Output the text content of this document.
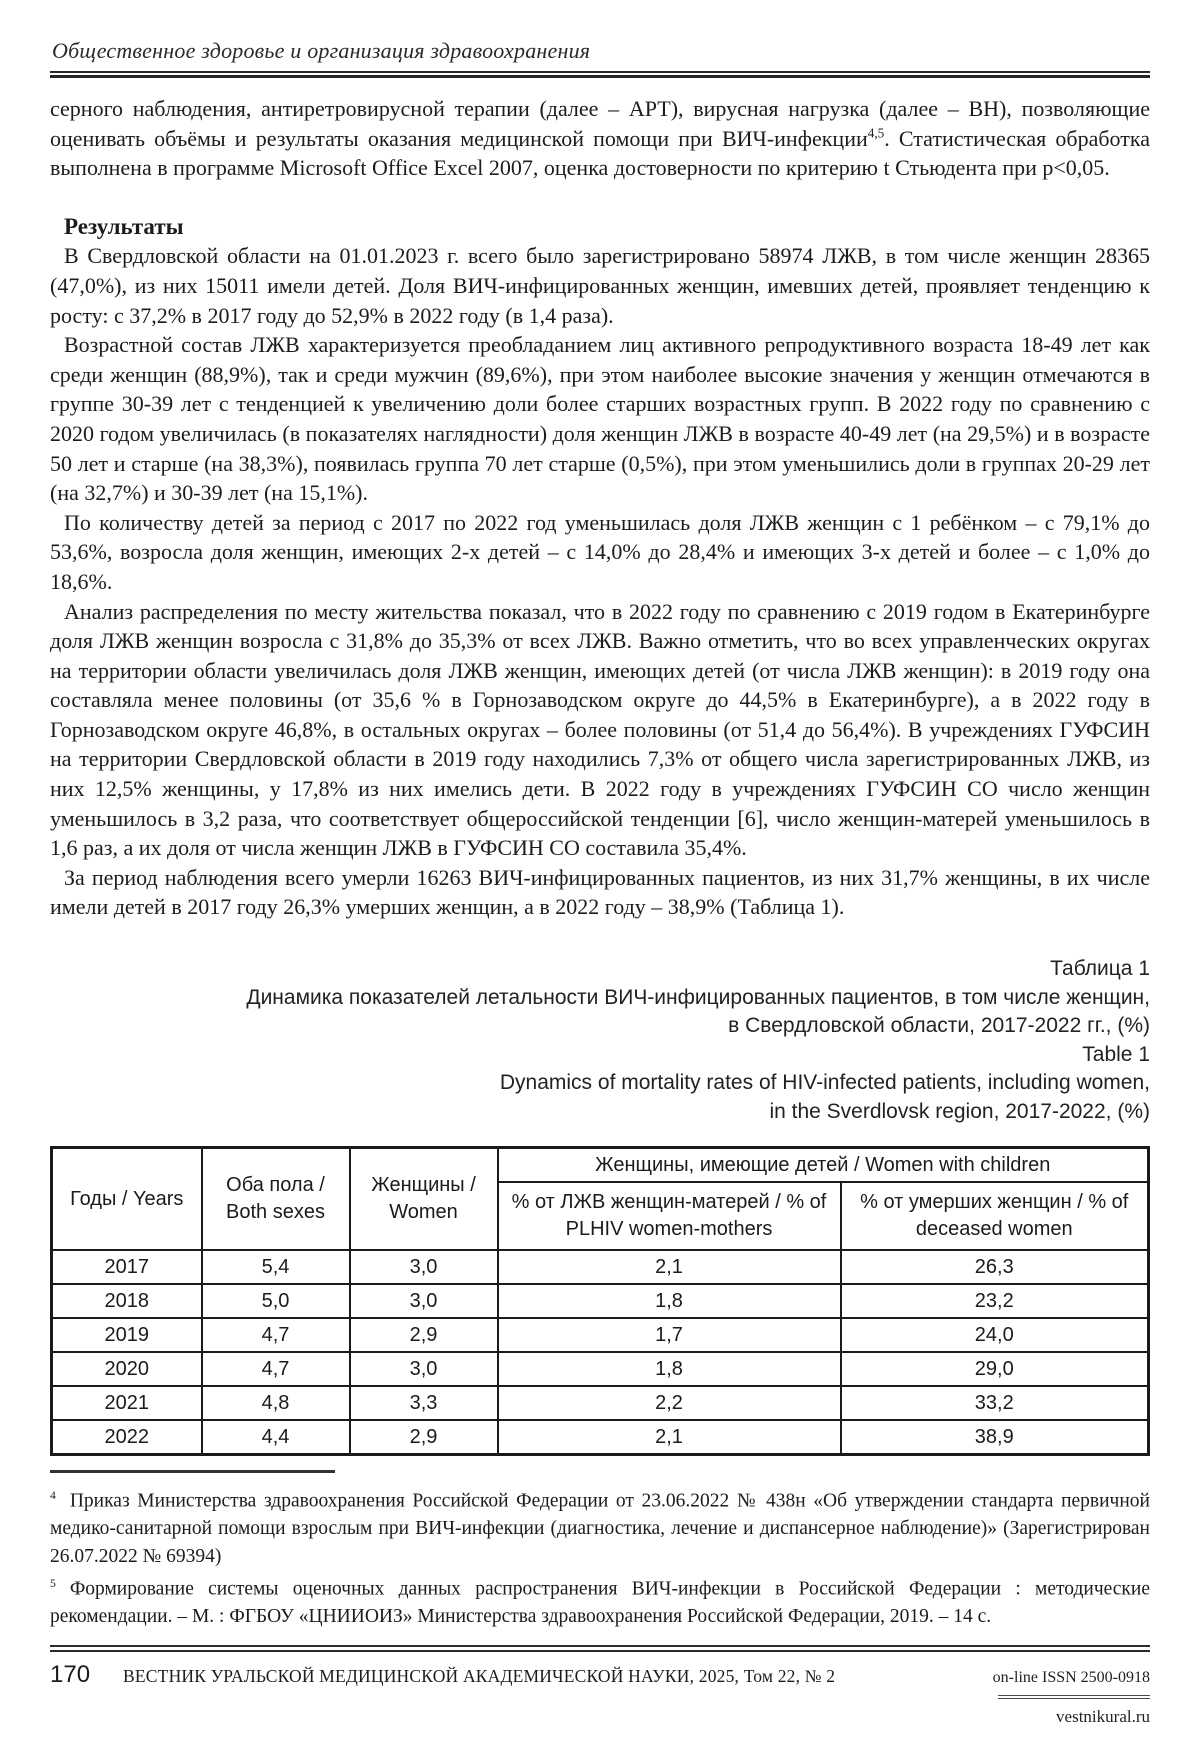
Общественное здоровье и организация здравоохранения

серного наблюдения, антиретровирусной терапии (далее – АРТ), вирусная нагрузка (далее – ВН), позволяющие оценивать объёмы и результаты оказания медицинской помощи при ВИЧ-инфекции$^{4,5}$. Статистическая обработка выполнена в программе Microsoft Office Excel 2007, оценка достоверности по критерию t Стьюдента при p<0,05.

Результаты

В Свердловской области на 01.01.2023 г. всего было зарегистрировано 58974 ЛЖВ, в том числе женщин 28365 (47,0%), из них 15011 имели детей. Доля ВИЧ-инфицированных женщин, имевших детей, проявляет тенденцию к росту: с 37,2% в 2017 году до 52,9% в 2022 году (в 1,4 раза).

Возрастной состав ЛЖВ характеризуется преобладанием лиц активного репродуктивного возраста 18-49 лет как среди женщин (88,9%), так и среди мужчин (89,6%), при этом наиболее высокие значения у женщин отмечаются в группе 30-39 лет с тенденцией к увеличению доли более старших возрастных групп. В 2022 году по сравнению с 2020 годом увеличилась (в показателях наглядности) доля женщин ЛЖВ в возрасте 40-49 лет (на 29,5%) и в возрасте 50 лет и старше (на 38,3%), появилась группа 70 лет старше (0,5%), при этом уменьшились доли в группах 20-29 лет (на 32,7%) и 30-39 лет (на 15,1%).

По количеству детей за период с 2017 по 2022 год уменьшилась доля ЛЖВ женщин с 1 ребёнком – с 79,1% до 53,6%, возросла доля женщин, имеющих 2-х детей – с 14,0% до 28,4% и имеющих 3-х детей и более – с 1,0% до 18,6%.

Анализ распределения по месту жительства показал, что в 2022 году по сравнению с 2019 годом в Екатеринбурге доля ЛЖВ женщин возросла с 31,8% до 35,3% от всех ЛЖВ. Важно отметить, что во всех управленческих округах на территории области увеличилась доля ЛЖВ женщин, имеющих детей (от числа ЛЖВ женщин): в 2019 году она составляла менее половины (от 35,6 % в Горнозаводском округе до 44,5% в Екатеринбурге), а в 2022 году в Горнозаводском округе 46,8%, в остальных округах – более половины (от 51,4 до 56,4%). В учреждениях ГУФСИН на территории Свердловской области в 2019 году находились 7,3% от общего числа зарегистрированных ЛЖВ, из них 12,5% женщины, у 17,8% из них имелись дети. В 2022 году в учреждениях ГУФСИН СО число женщин уменьшилось в 3,2 раза, что соответствует общероссийской тенденции [6], число женщин-матерей уменьшилось в 1,6 раз, а их доля от числа женщин ЛЖВ в ГУФСИН СО составила 35,4%.

За период наблюдения всего умерли 16263 ВИЧ-инфицированных пациентов, из них 31,7% женщины, в их числе имели детей в 2017 году 26,3% умерших женщин, а в 2022 году – 38,9% (Таблица 1).

Таблица 1
Динамика показателей летальности ВИЧ-инфицированных пациентов, в том числе женщин,
в Свердловской области, 2017-2022 гг., (%)
Table 1
Dynamics of mortality rates of HIV-infected patients, including women,
in the Sverdlovsk region, 2017-2022, (%)
Годы / Years	Оба пола / Both sexes	Женщины / Women	Женщины, имеющие детей / Women with children	
			% от ЛЖВ женщин-матерей / % of PLHIV women-mothers	% от умерших женщин / % of deceased women
2017	5,4	3,0	2,1	26,3
2018	5,0	3,0	1,8	23,2
2019	4,7	2,9	1,7	24,0
2020	4,7	3,0	1,8	29,0
2021	4,8	3,3	2,2	33,2
2022	4,4	2,9	2,1	38,9
$^4$ Приказ Министерства здравоохранения Российской Федерации от 23.06.2022 № 438н «Об утверждении стандарта первичной медико-санитарной помощи взрослым при ВИЧ-инфекции (диагностика, лечение и диспансерное наблюдение)» (Зарегистрирован 26.07.2022 № 69394)
$^5$ Формирование системы оценочных данных распространения ВИЧ-инфекции в Российской Федерации : методические рекомендации. – М. : ФГБОУ «ЦНИИОИЗ» Министерства здравоохранения Российской Федерации, 2019. – 14 с.
170 ВЕСТНИК УРАЛЬСКОЙ МЕДИЦИНСКОЙ АКАДЕМИЧЕСКОЙ НАУКИ, 2025, Том 22, № 2	on-line ISSN 2500-0918
vestnikural.ru
